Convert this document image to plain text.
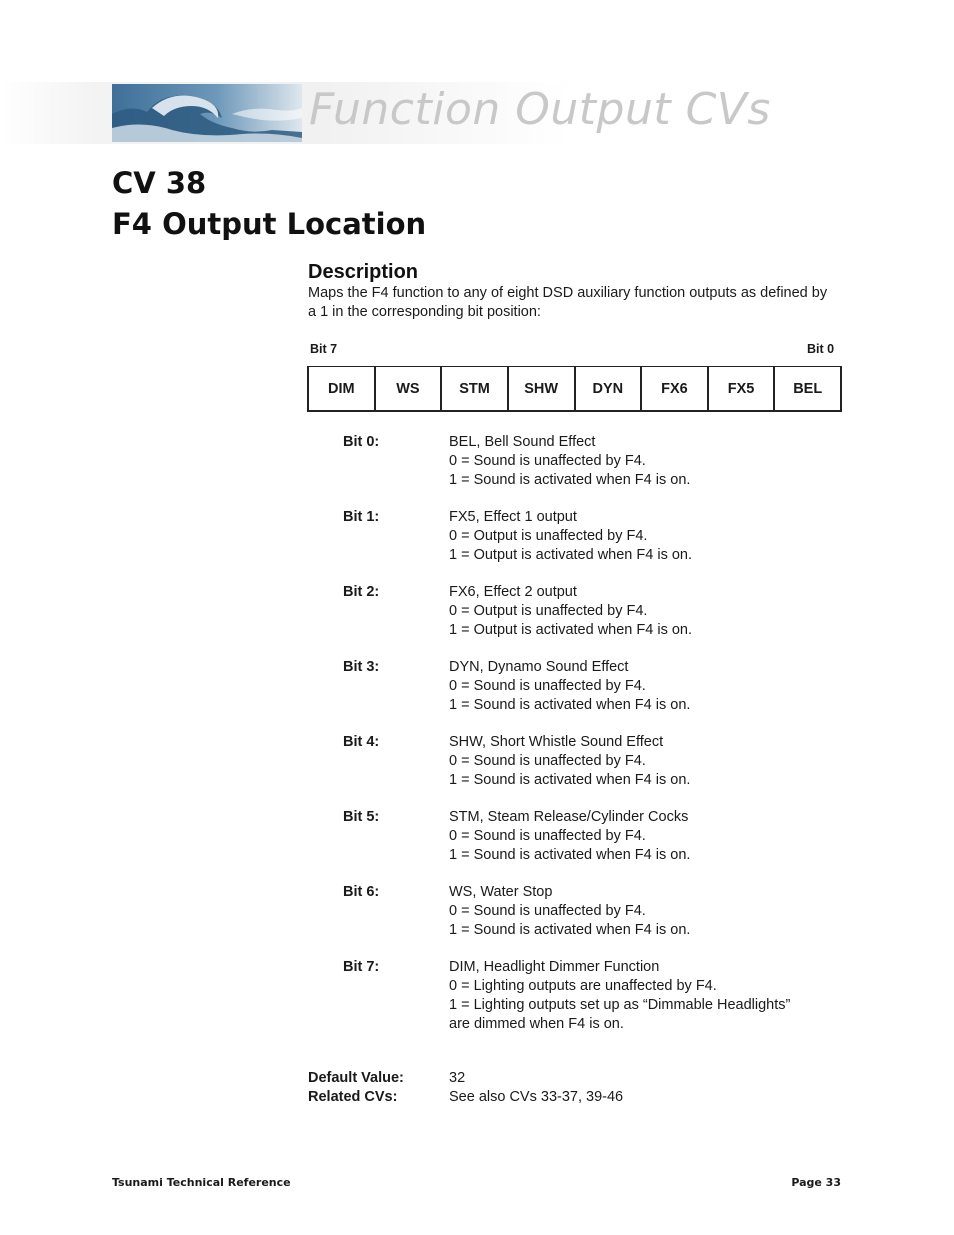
Function Output CVs
CV 38
F4 Output Location
Description
Maps the F4 function to any of eight DSD auxiliary function outputs as defined by a 1 in the corresponding bit position:
Bit 7	Bit 0
DIM	WS	STM	SHW	DYN	FX6	FX5	BEL
Bit 0:	BEL, Bell Sound Effect
0 = Sound is unaffected by F4.
1 = Sound is activated when F4 is on.
Bit 1:	FX5, Effect 1 output
0 = Output is unaffected by F4.
1 = Output is activated when F4 is on.
Bit 2:	FX6, Effect 2 output
0 = Output is unaffected by F4.
1 = Output is activated when F4 is on.
Bit 3:	DYN, Dynamo Sound Effect
0 = Sound is unaffected by F4.
1 = Sound is activated when F4 is on.
Bit 4:	SHW, Short Whistle Sound Effect
0 = Sound is unaffected by F4.
1 = Sound is activated when F4 is on.
Bit 5:	STM, Steam Release/Cylinder Cocks
0 = Sound is unaffected by F4.
1 = Sound is activated when F4 is on.
Bit 6:	WS, Water Stop
0 = Sound is unaffected by F4.
1 = Sound is activated when F4 is on.
Bit 7:	DIM, Headlight Dimmer Function
0 = Lighting outputs are unaffected by F4.
1 = Lighting outputs set up as “Dimmable Headlights”
are dimmed when F4 is on.
Default Value:	32
Related CVs:	See also CVs 33-37, 39-46
Tsunami Technical Reference	Page 33
